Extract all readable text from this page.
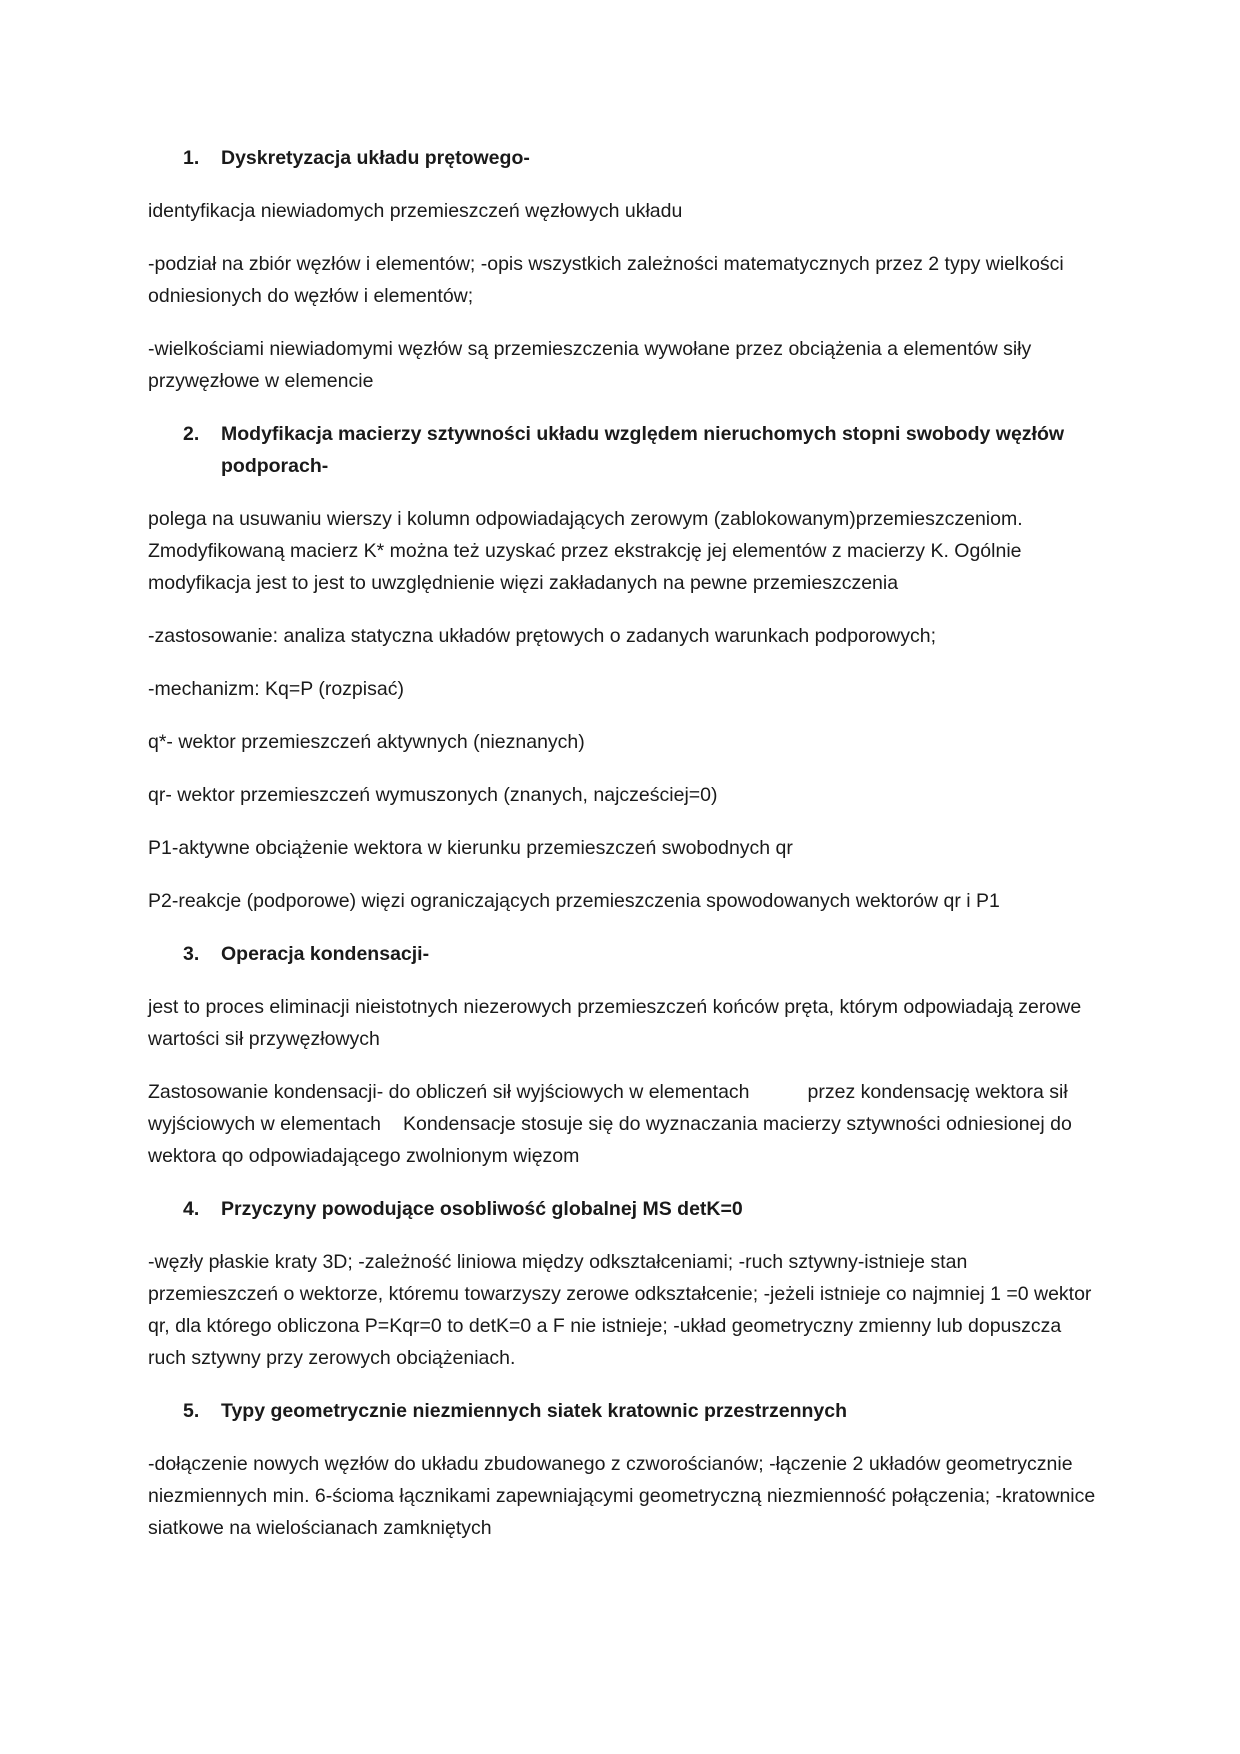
1.	Dyskretyzacja układu prętowego-

identyfikacja niewiadomych przemieszczeń węzłowych układu

-podział na zbiór węzłów i elementów; -opis wszystkich zależności matematycznych przez 2 typy wielkości odniesionych do węzłów i elementów;

-wielkościami niewiadomymi węzłów są przemieszczenia wywołane przez obciążenia a elementów siły przywęzłowe w elemencie

2.	Modyfikacja macierzy sztywności układu względem nieruchomych stopni swobody węzłów podporach-

polega na usuwaniu wierszy i kolumn odpowiadających zerowym (zablokowanym)przemieszczeniom. Zmodyfikowaną macierz K* można też uzyskać przez ekstrakcję jej elementów z macierzy K. Ogólnie modyfikacja jest to jest to uwzględnienie więzi zakładanych na pewne przemieszczenia

-zastosowanie: analiza statyczna układów prętowych o zadanych warunkach podporowych;

-mechanizm: Kq=P (rozpisać)

q*- wektor przemieszczeń aktywnych (nieznanych)

qr- wektor przemieszczeń wymuszonych (znanych, najcześciej=0)

P1-aktywne obciążenie wektora w kierunku przemieszczeń swobodnych qr

P2-reakcje (podporowe) więzi ograniczających przemieszczenia spowodowanych wektorów qr i P1

3.	Operacja kondensacji-

jest to proces eliminacji nieistotnych niezerowych przemieszczeń końców pręta, którym odpowiadają zerowe wartości sił przywęzłowych

Zastosowanie kondensacji- do obliczeń sił wyjściowych w elementach	przez kondensację wektora sił wyjściowych w elementach Kondensacje stosuje się do wyznaczania macierzy sztywności odniesionej do wektora qo odpowiadającego zwolnionym więzom

4.	Przyczyny powodujące osobliwość globalnej MS detK=0

-węzły płaskie kraty 3D; -zależność liniowa między odkształceniami; -ruch sztywny-istnieje stan przemieszczeń o wektorze, któremu towarzyszy zerowe odkształcenie; -jeżeli istnieje co najmniej 1 =0 wektor qr, dla którego obliczona P=Kqr=0 to detK=0 a F nie istnieje; -układ geometryczny zmienny lub dopuszcza ruch sztywny przy zerowych obciążeniach.

5.	Typy geometrycznie niezmiennych siatek kratownic przestrzennych

-dołączenie nowych węzłów do układu zbudowanego z czworościanów; -łączenie 2 układów geometrycznie niezmiennych min. 6-ścioma łącznikami zapewniającymi geometryczną niezmienność połączenia; -kratownice siatkowe na wielościanach zamkniętych
